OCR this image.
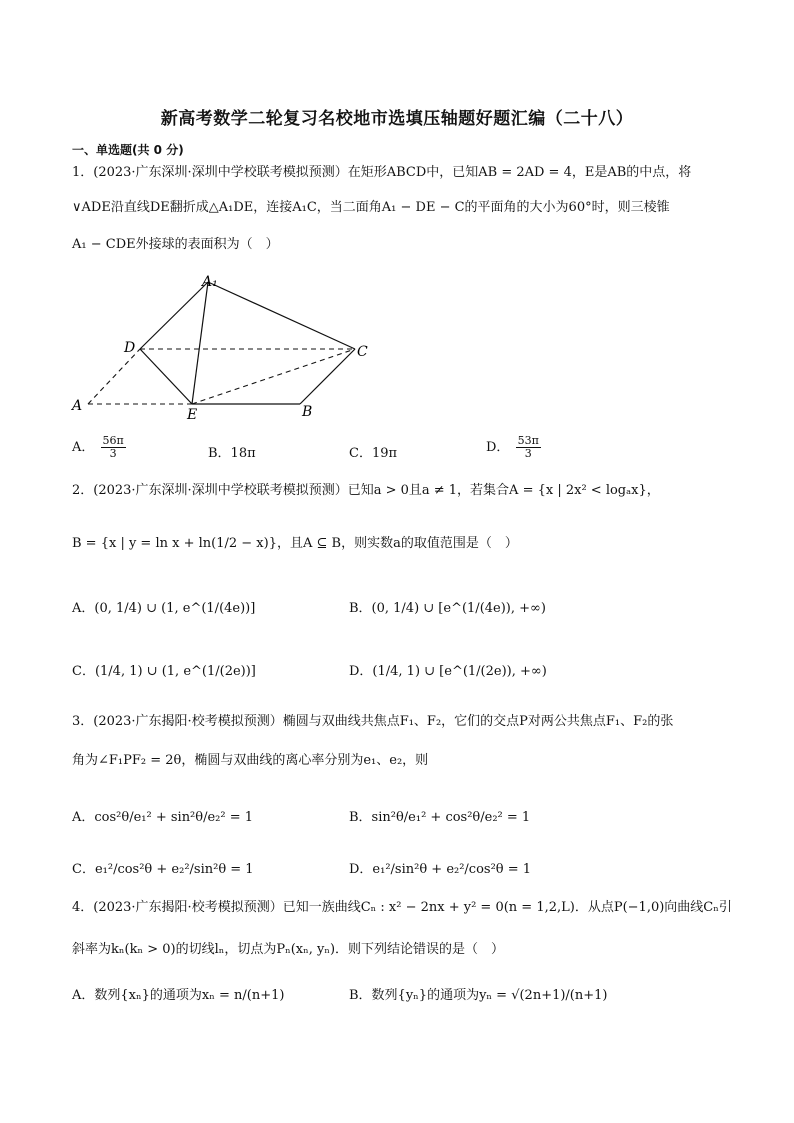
新高考数学二轮复习名校地市选填压轴题好题汇编（二十八）
一、单选题(共 0 分)
1．(2023·广东深圳·深圳中学校联考模拟预测）在矩形ABCD中，已知AB = 2AD = 4，E是AB的中点，将
∨ADE沿直线DE翻折成△A₁DE，连接A₁C，当二面角A₁ − DE − C的平面角的大小为60°时，则三棱锥
A₁ − CDE外接球的表面积为（　）
A₁
D	C
A
E	B
A． $\frac{56\pi}{3}$	B．18π	C．19π	D． $\frac{53\pi}{3}$
2．(2023·广东深圳·深圳中学校联考模拟预测）已知a > 0且a ≠ 1，若集合A = {x | 2x² < logₐx}，
B = {x | y = ln x + ln(1/2 − x)}，且A ⊆ B，则实数a的取值范围是（　）
A．(0, 1/4) ∪ (1, e^(1/(4e))]	B．(0, 1/4) ∪ [e^(1/(4e)), +∞)
C．(1/4, 1) ∪ (1, e^(1/(2e))]	D．(1/4, 1) ∪ [e^(1/(2e)), +∞)
3．(2023·广东揭阳·校考模拟预测）椭圆与双曲线共焦点F₁、F₂，它们的交点P对两公共焦点F₁、F₂的张
角为∠F₁PF₂ = 2θ，椭圆与双曲线的离心率分别为e₁、e₂，则
A．cos²θ/e₁² + sin²θ/e₂² = 1	B．sin²θ/e₁² + cos²θ/e₂² = 1
C．e₁²/cos²θ + e₂²/sin²θ = 1	D．e₁²/sin²θ + e₂²/cos²θ = 1
4．(2023·广东揭阳·校考模拟预测）已知一族曲线Cₙ : x² − 2nx + y² = 0(n = 1,2,L)．从点P(−1,0)向曲线Cₙ引
斜率为kₙ(kₙ > 0)的切线lₙ，切点为Pₙ(xₙ, yₙ)．则下列结论错误的是（　）
A．数列{xₙ}的通项为xₙ = n/(n+1)	B．数列{yₙ}的通项为yₙ = √(2n+1)/(n+1)
